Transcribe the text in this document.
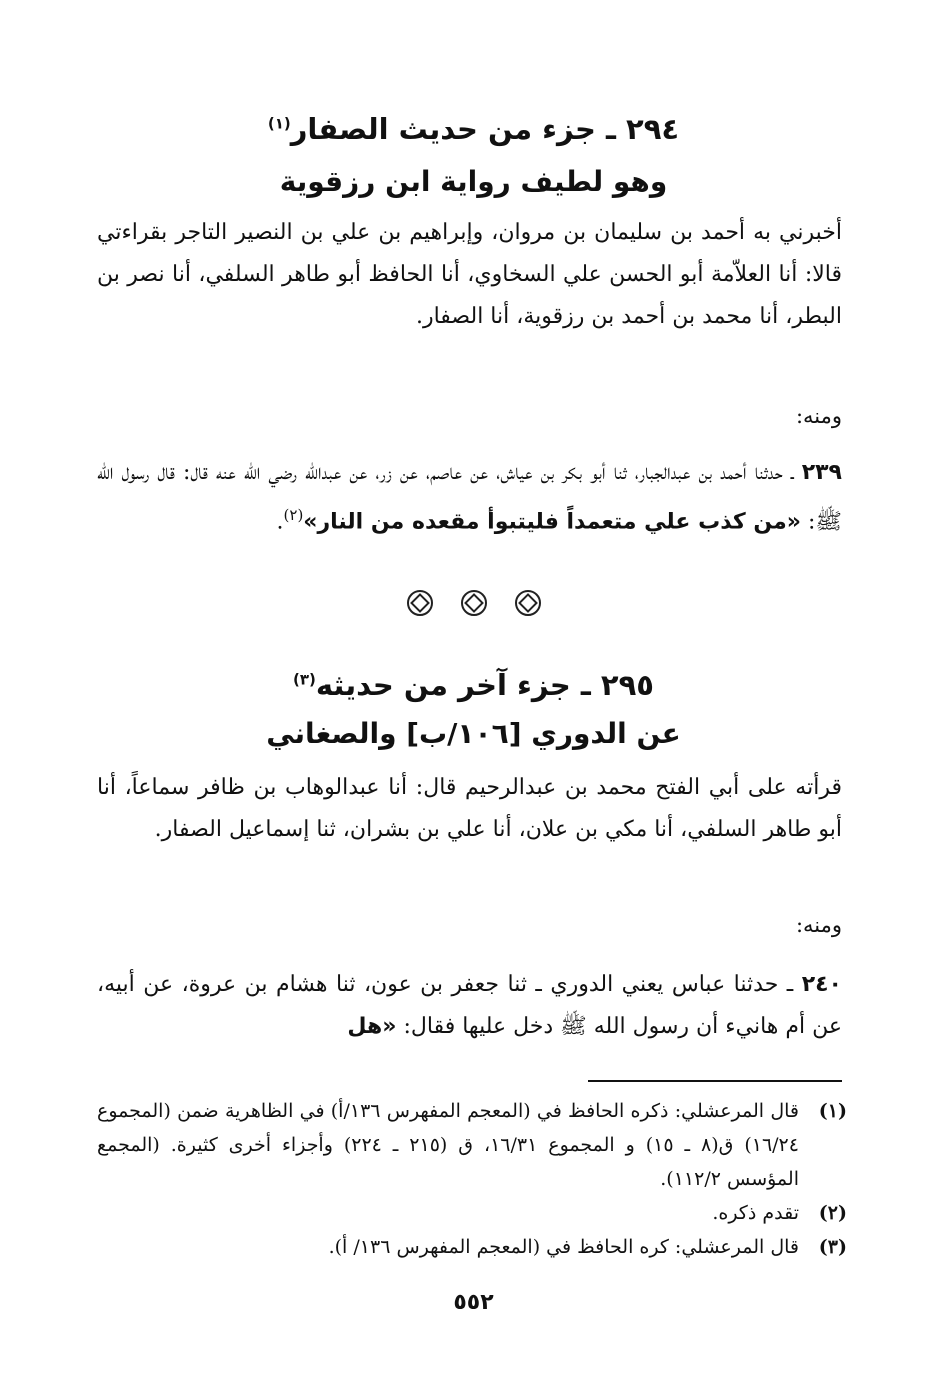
٢٩٤ ـ جزء من حديث الصفار$^{(١)}$
وهو لطيف رواية ابن رزقوية

أخبرني به أحمد بن سليمان بن مروان، وإبراهيم بن علي بن النصير التاجر بقراءتي قالا: أنا العلاّمة أبو الحسن علي السخاوي، أنا الحافظ أبو طاهر السلفي، أنا نصر بن البطر، أنا محمد بن أحمد بن رزقوية، أنا الصفار.

ومنه:

٢٣٩ ـ حدثنا أحمد بن عبدالجبار، ثنا أبو بكر بن عياش، عن عاصم، عن زر، عن عبدالله رضي الله عنه قال: قال رسول الله ﷺ: «من كذب علي متعمداً فليتبوأ مقعده من النار»$^{(٢)}$.

٢٩٥ ـ جزء آخر من حديثه$^{(٣)}$
عن الدوري [١٠٦/ب] والصغاني

قرأته على أبي الفتح محمد بن عبدالرحيم قال: أنا عبدالوهاب بن ظافر سماعاً، أنا أبو طاهر السلفي، أنا مكي بن علان، أنا علي بن بشران، ثنا إسماعيل الصفار.

ومنه:

٢٤٠ ـ حدثنا عباس يعني الدوري ـ ثنا جعفر بن عون، ثنا هشام بن عروة، عن أبيه، عن أم هانيء أن رسول الله ﷺ دخل عليها فقال: «هل

(١)
قال المرعشلي: ذكره الحافظ في (المعجم المفهرس ١٣٦/أ) في الظاهرية ضمن (المجموع ١٦/٢٤) ق(٨ ـ ١٥) و المجموع ١٦/٣١، ق (٢١٥ ـ ٢٢٤) وأجزاء أخرى كثيرة. (المجمع المؤسس ١١٢/٢).
(٢)
تقدم ذكره.
(٣)
قال المرعشلي: كره الحافظ في (المعجم المفهرس ١٣٦/ أ).
٥٥٢
